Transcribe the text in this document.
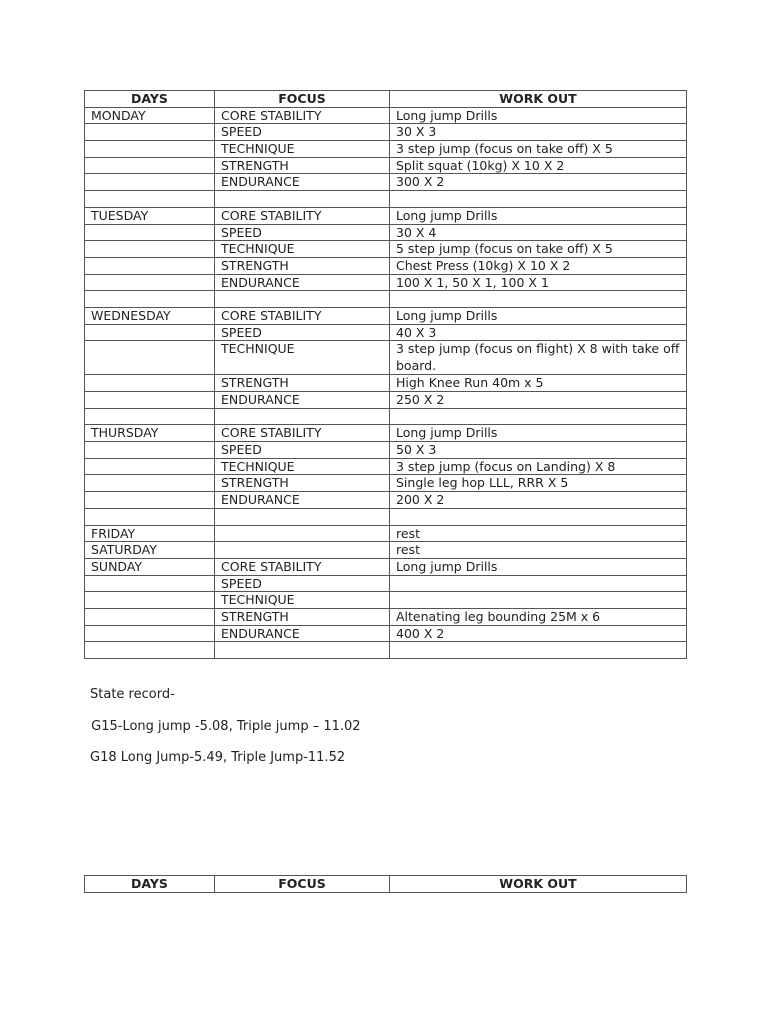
DAYS	FOCUS	WORK OUT
MONDAY	CORE STABILITY	Long jump Drills
	SPEED	30 X 3
	TECHNIQUE	3 step jump (focus on take off) X 5
	STRENGTH	Split squat (10kg) X 10 X 2
	ENDURANCE	300 X 2

TUESDAY	CORE STABILITY	Long jump Drills
	SPEED	30 X 4
	TECHNIQUE	5 step jump (focus on take off) X 5
	STRENGTH	Chest Press (10kg) X 10 X 2
	ENDURANCE	100 X 1, 50 X 1, 100 X 1

WEDNESDAY	CORE STABILITY	Long jump Drills
	SPEED	40 X 3
	TECHNIQUE	3 step jump (focus on flight) X 8 with take off board.
	STRENGTH	High Knee Run 40m x 5
	ENDURANCE	250 X 2

THURSDAY	CORE STABILITY	Long jump Drills
	SPEED	50 X 3
	TECHNIQUE	3 step jump (focus on Landing) X 8
	STRENGTH	Single leg hop LLL, RRR X 5
	ENDURANCE	200 X 2

FRIDAY		rest
SATURDAY		rest
SUNDAY	CORE STABILITY	Long jump Drills
	SPEED	
	TECHNIQUE	
	STRENGTH	Altenating leg bounding 25M x 6
	ENDURANCE	400 X 2

State record-
G15-Long jump -5.08, Triple jump – 11.02
G18 Long Jump-5.49, Triple Jump-11.52
DAYS	FOCUS	WORK OUT
